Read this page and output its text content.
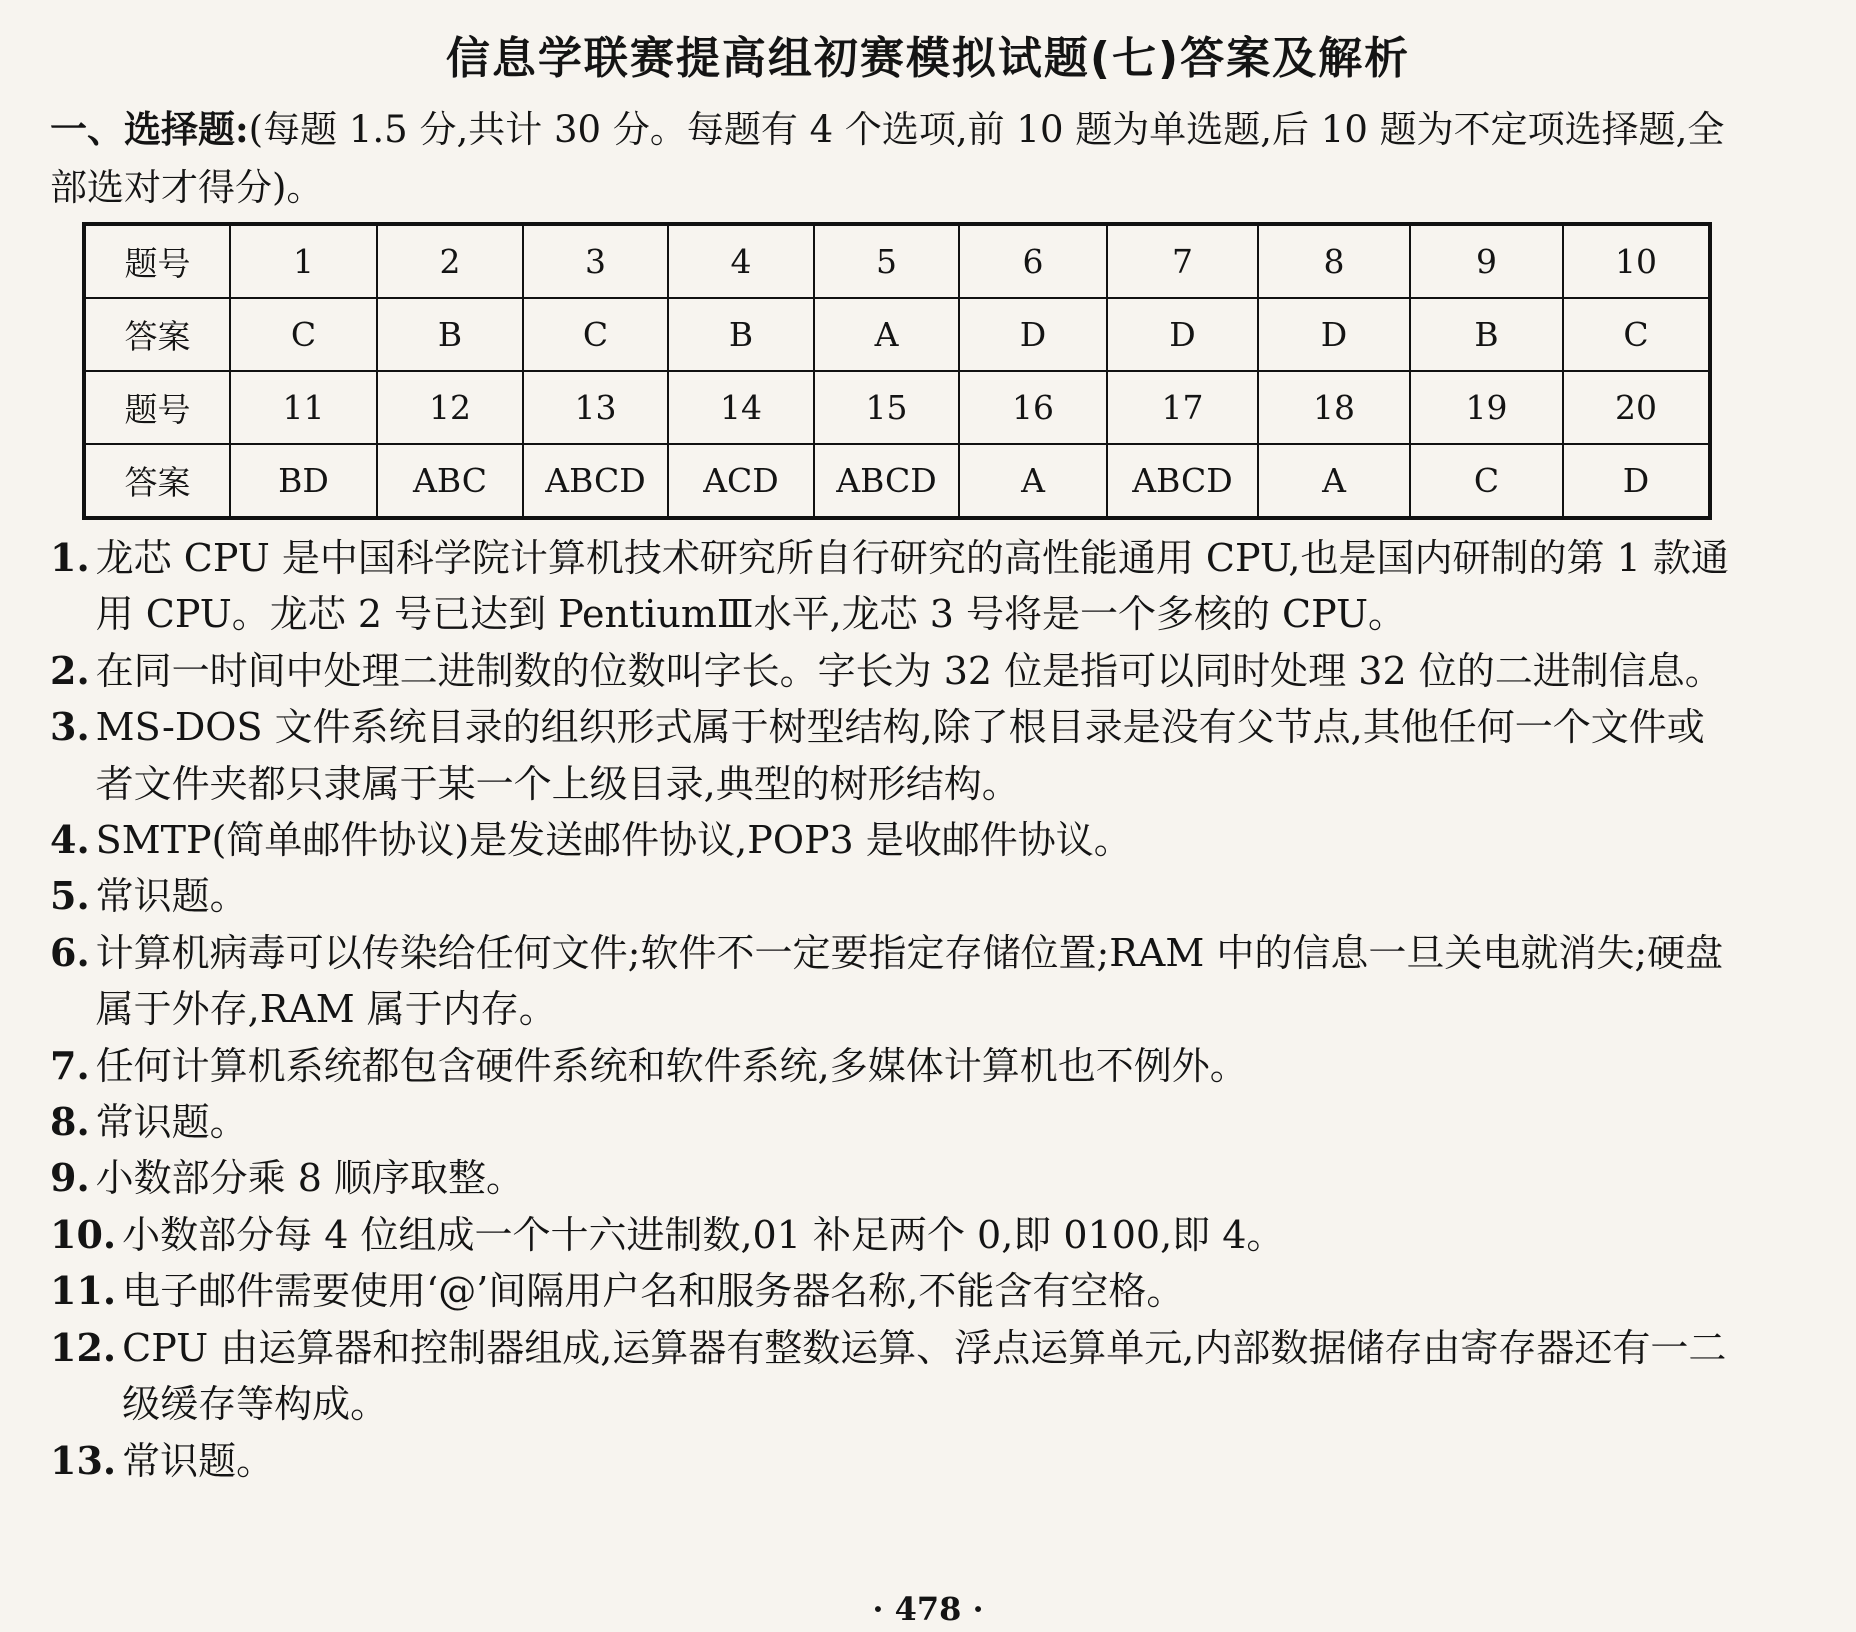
信息学联赛提高组初赛模拟试题(七)答案及解析
一、选择题:(每题 1.5 分,共计 30 分。每题有 4 个选项,前 10 题为单选题,后 10 题为不定项选择题,全部选对才得分)。
题号	1	2	3	4	5	6	7	8	9	10
答案	C	B	C	B	A	D	D	D	B	C
题号	11	12	13	14	15	16	17	18	19	20
答案	BD	ABC	ABCD	ACD	ABCD	A	ABCD	A	C	D
1. 龙芯 CPU 是中国科学院计算机技术研究所自行研究的高性能通用 CPU,也是国内研制的第 1 款通用 CPU。龙芯 2 号已达到 PentiumⅢ水平,龙芯 3 号将是一个多核的 CPU。
2. 在同一时间中处理二进制数的位数叫字长。字长为 32 位是指可以同时处理 32 位的二进制信息。
3. MS-DOS 文件系统目录的组织形式属于树型结构,除了根目录是没有父节点,其他任何一个文件或者文件夹都只隶属于某一个上级目录,典型的树形结构。
4. SMTP(简单邮件协议)是发送邮件协议,POP3 是收邮件协议。
5. 常识题。
6. 计算机病毒可以传染给任何文件;软件不一定要指定存储位置;RAM 中的信息一旦关电就消失;硬盘属于外存,RAM 属于内存。
7. 任何计算机系统都包含硬件系统和软件系统,多媒体计算机也不例外。
8. 常识题。
9. 小数部分乘 8 顺序取整。
10. 小数部分每 4 位组成一个十六进制数,01 补足两个 0,即 0100,即 4。
11. 电子邮件需要使用‘@’间隔用户名和服务器名称,不能含有空格。
12. CPU 由运算器和控制器组成,运算器有整数运算、浮点运算单元,内部数据储存由寄存器还有一二级缓存等构成。
13. 常识题。
· 478 ·
